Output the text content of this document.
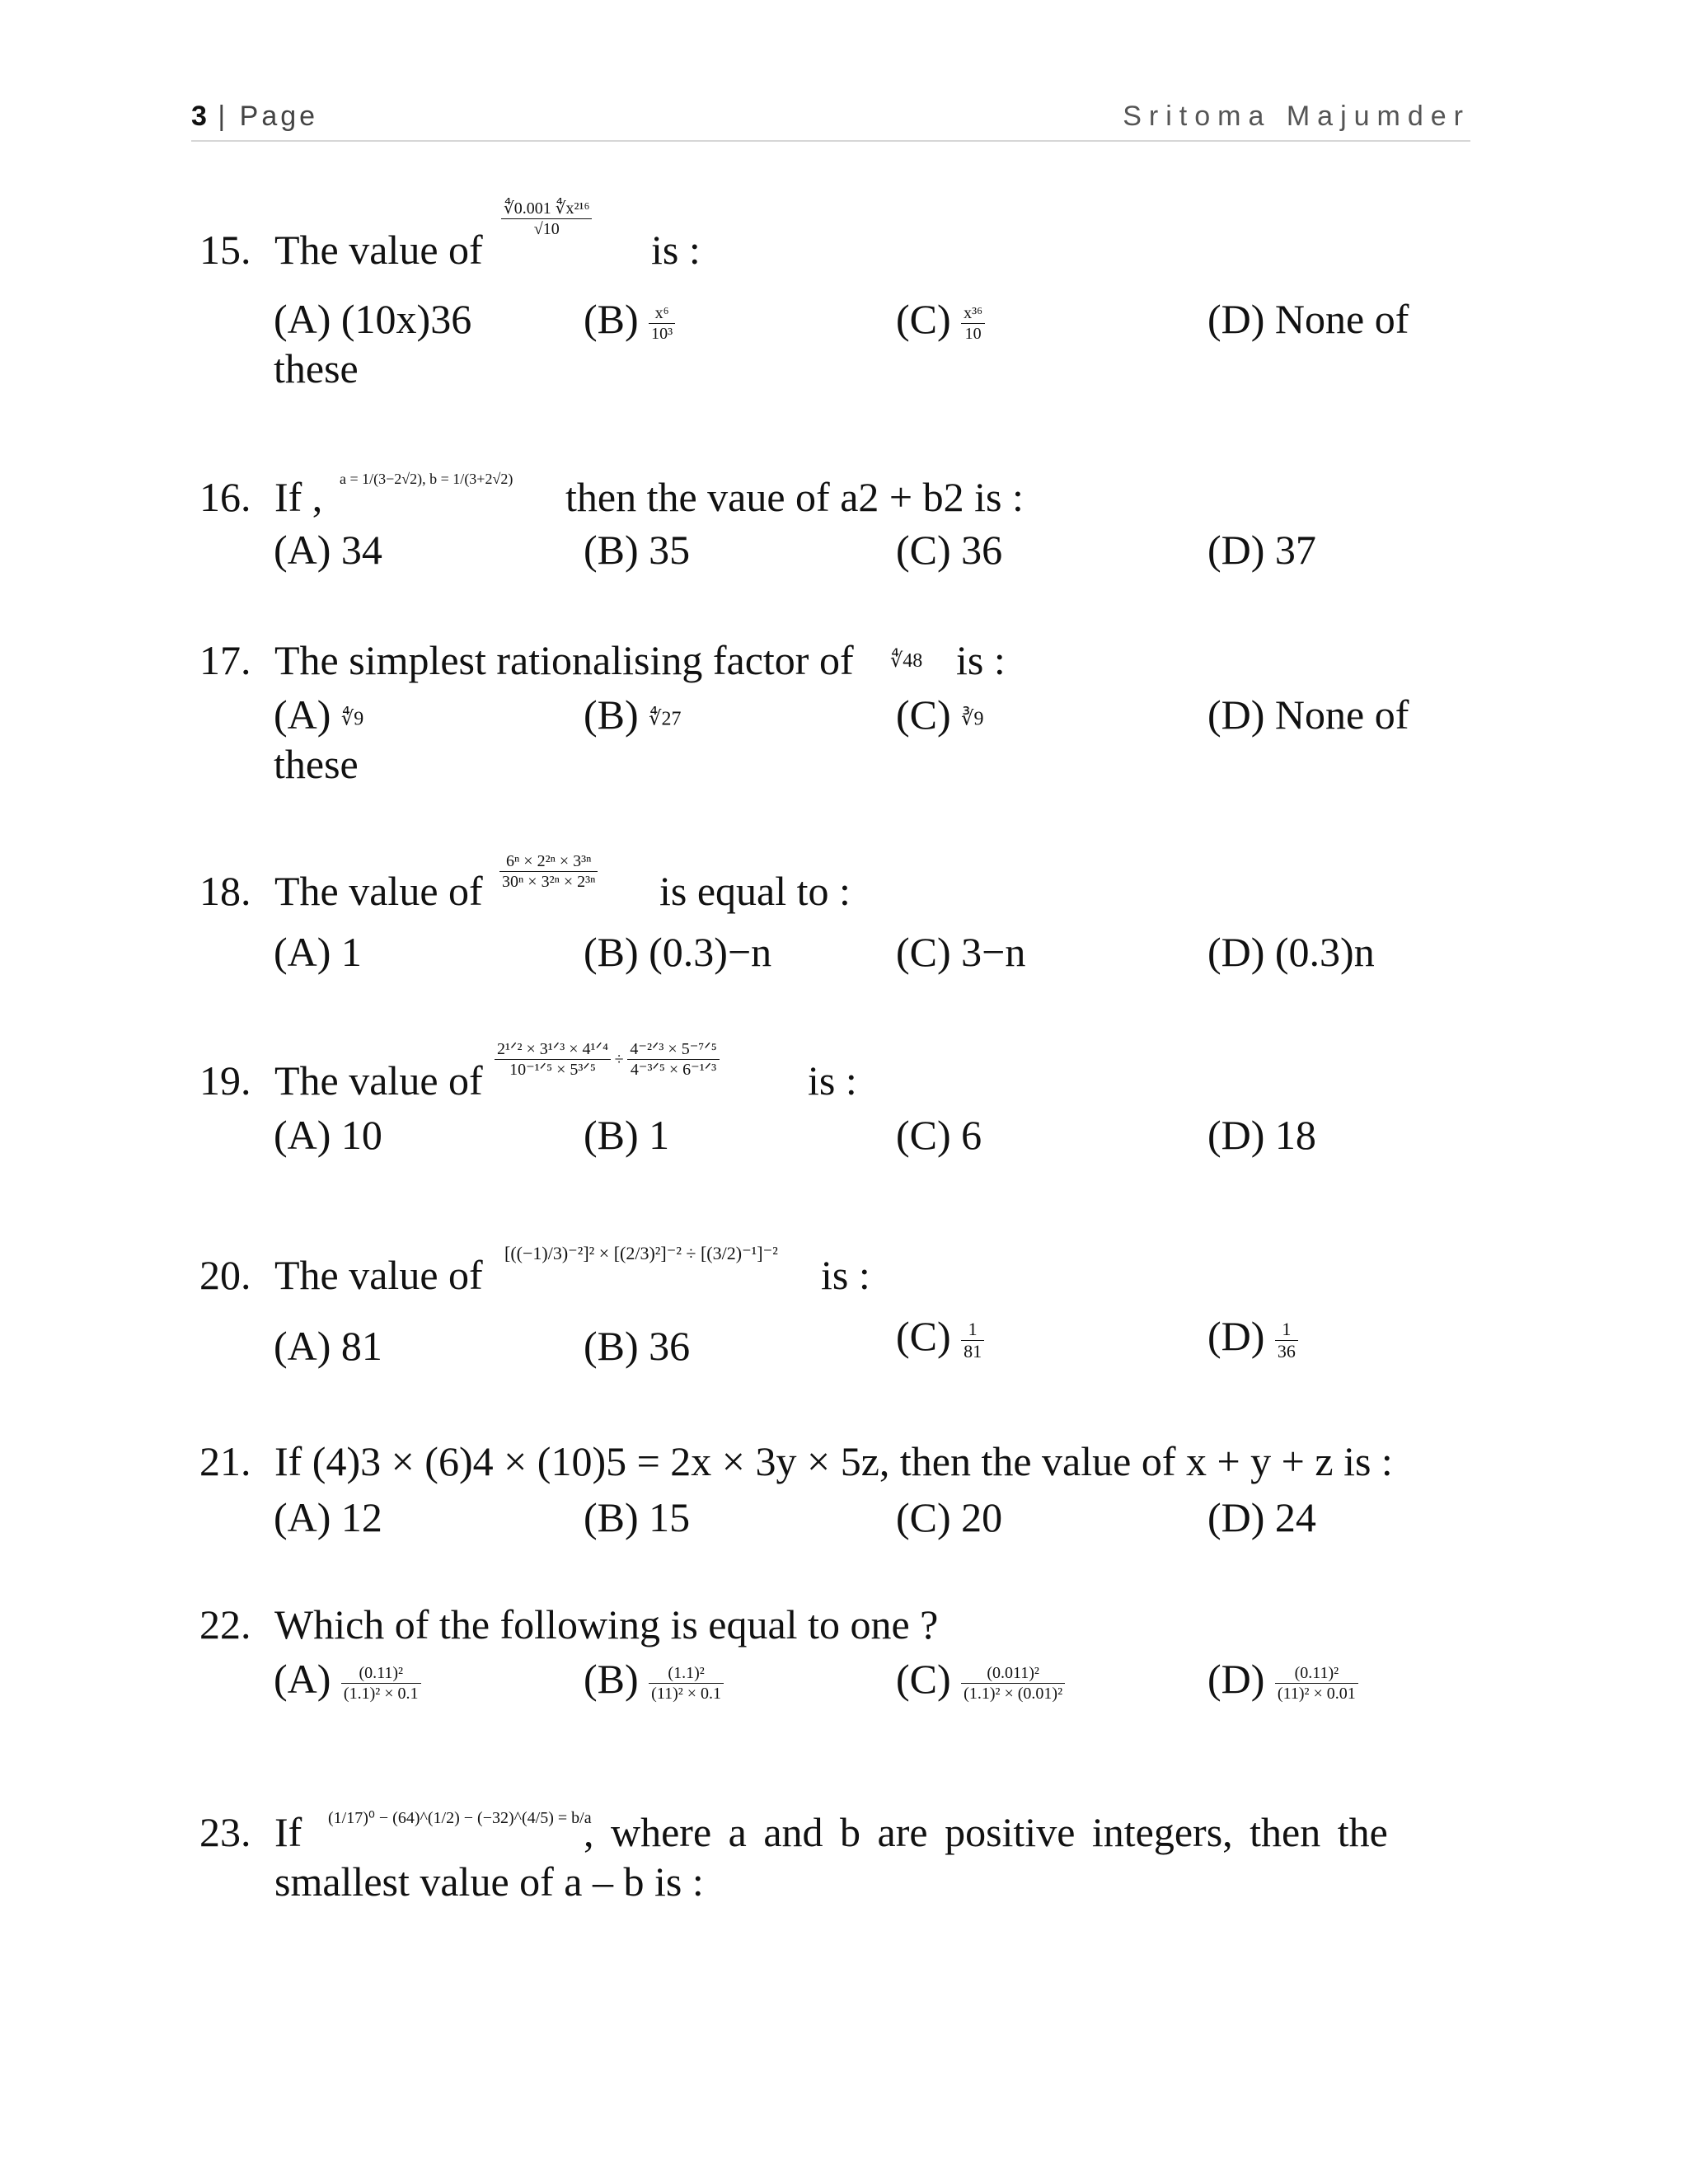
3 | Page	Sritoma Majumder
15. The value of
$\frac{\text{∜0.001 ∜x²¹⁶}}{√10}$
is :
(A) (10x)36	$(B) \frac{\text{x⁶}}{\text{10³}}$	$(C) \frac{\text{x³⁶}}{10}$	(D) None of
these
16. If , a = 1/(3−2√2), b = 1/(3+2√2) then the vaue of a2 + b2 is :
(A) 34	(B) 35	(C) 36	(D) 37
17. The simplest rationalising factor of ∜48 is :
(A) ∜9	(B) ∜27	(C) ∛9	(D) None of
these
18. The value of $\frac{\text{6ⁿ × 2²ⁿ × 3³ⁿ}}{\text{30ⁿ × 3²ⁿ × 2³ⁿ}}$ is equal to :
(A) 1	(B) (0.3)−n	(C) 3−n	(D) (0.3)n
19. The value of $\frac{\text{2¹ᐟ² × 3¹ᐟ³ × 4¹ᐟ⁴}}{\text{10⁻¹ᐟ⁵ × 5³ᐟ⁵}} \div \frac{\text{4⁻²ᐟ³ × 5⁻⁷ᐟ⁵}}{\text{4⁻³ᐟ⁵ × 6⁻¹ᐟ³}}$ is :
(A) 10	(B) 1	(C) 6	(D) 18
20. The value of [((−1)/3)⁻²]² × [(2/3)²]⁻² ÷ [(3/2)⁻¹]⁻² is :
(A) 81	(B) 36	$(C) \frac{1}{81}$	$(D) \frac{1}{36}$
21. If (4)3 × (6)4 × (10)5 = 2x × 3y × 5z, then the value of x + y + z is :
(A) 12	(B) 15	(C) 20	(D) 24
22. Which of the following is equal to one ?
$(A) \frac{\text{(0.11)²}}{\text{(1.1)² × 0.1}}$	$(B) \frac{\text{(1.1)²}}{\text{(11)² × 0.1}}$	$(C) \frac{\text{(0.011)²}}{\text{(1.1)² × (0.01)²}}$	$(D) \frac{\text{(0.11)²}}{\text{(11)² × 0.01}}$
23. If (1/17)⁰ − (64)^(1/2) − (−32)^(4/5) = b/a
, where a and b are positive integers, then the
smallest value of a – b is :
